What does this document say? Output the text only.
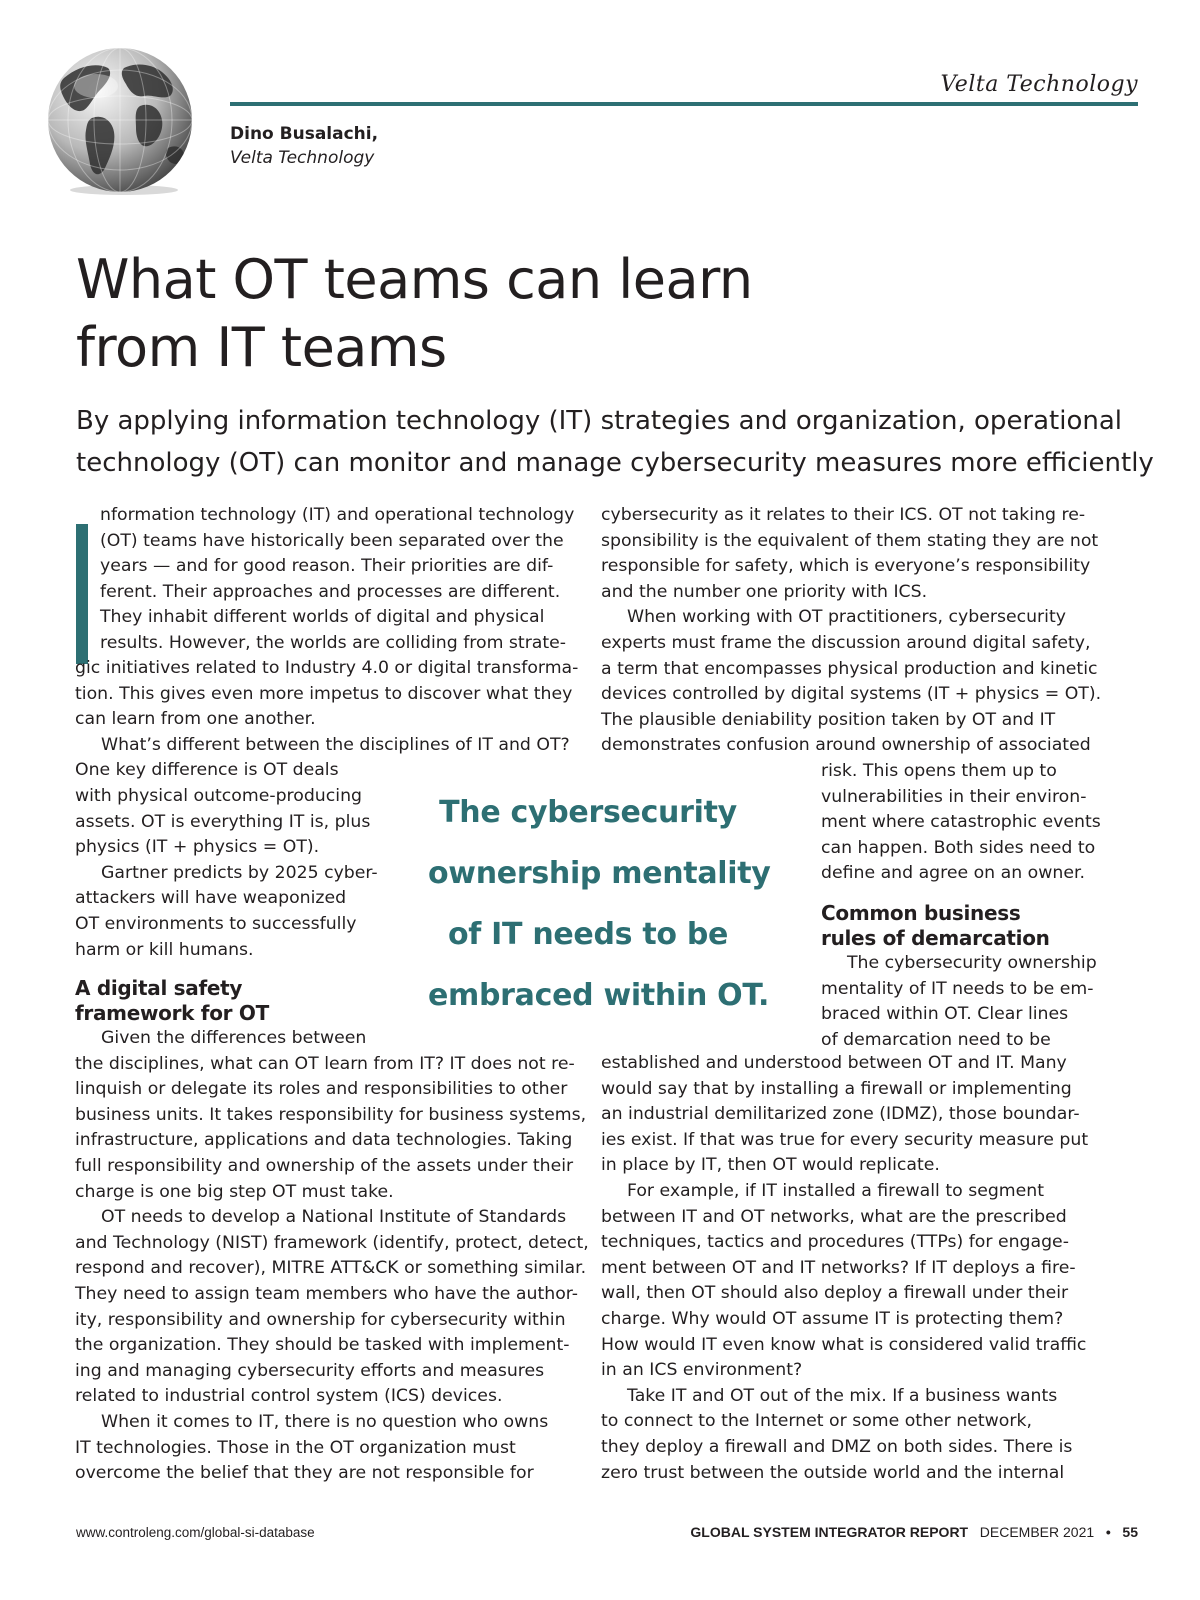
Velta Technology
Dino Busalachi,
Velta Technology
What OT teams can learn
from IT teams
By applying information technology (IT) strategies and organization, operational
technology (OT) can monitor and manage cybersecurity measures more efficiently
nformation technology (IT) and operational technology
(OT) teams have historically been separated over the
years — and for good reason. Their priorities are dif-
ferent. Their approaches and processes are different.
They inhabit different worlds of digital and physical
results. However, the worlds are colliding from strate-
gic initiatives related to Industry 4.0 or digital transforma-
tion. This gives even more impetus to discover what they
can learn from one another.
What’s different between the disciplines of IT and OT?
One key difference is OT deals
with physical outcome-producing
assets. OT is everything IT is, plus
physics (IT + physics = OT).
Gartner predicts by 2025 cyber-
attackers will have weaponized
OT environments to successfully
harm or kill humans.
A digital safety
framework for OT
Given the differences between
the disciplines, what can OT learn from IT? IT does not re-
linquish or delegate its roles and responsibilities to other
business units. It takes responsibility for business systems,
infrastructure, applications and data technologies. Taking
full responsibility and ownership of the assets under their
charge is one big step OT must take.
OT needs to develop a National Institute of Standards
and Technology (NIST) framework (identify, protect, detect,
respond and recover), MITRE ATT&CK or something similar.
They need to assign team members who have the author-
ity, responsibility and ownership for cybersecurity within
the organization. They should be tasked with implement-
ing and managing cybersecurity efforts and measures
related to industrial control system (ICS) devices.
When it comes to IT, there is no question who owns
IT technologies. Those in the OT organization must
overcome the belief that they are not responsible for
The cybersecurity
ownership mentality
of IT needs to be
embraced within OT.
cybersecurity as it relates to their ICS. OT not taking re-
sponsibility is the equivalent of them stating they are not
responsible for safety, which is everyone’s responsibility
and the number one priority with ICS.
When working with OT practitioners, cybersecurity
experts must frame the discussion around digital safety,
a term that encompasses physical production and kinetic
devices controlled by digital systems (IT + physics = OT).
The plausible deniability position taken by OT and IT
demonstrates confusion around ownership of associated
risk. This opens them up to
vulnerabilities in their environ-
ment where catastrophic events
can happen. Both sides need to
define and agree on an owner.
Common business
rules of demarcation
The cybersecurity ownership
mentality of IT needs to be em-
braced within OT. Clear lines
of demarcation need to be
established and understood between OT and IT. Many
would say that by installing a firewall or implementing
an industrial demilitarized zone (IDMZ), those boundar-
ies exist. If that was true for every security measure put
in place by IT, then OT would replicate.
For example, if IT installed a firewall to segment
between IT and OT networks, what are the prescribed
techniques, tactics and procedures (TTPs) for engage-
ment between OT and IT networks? If IT deploys a fire-
wall, then OT should also deploy a firewall under their
charge. Why would OT assume IT is protecting them?
How would IT even know what is considered valid traffic
in an ICS environment?
Take IT and OT out of the mix. If a business wants
to connect to the Internet or some other network,
they deploy a firewall and DMZ on both sides. There is
zero trust between the outside world and the internal
www.controleng.com/global-si-database	GLOBAL SYSTEM INTEGRATOR REPORT DECEMBER 2021 • 55
